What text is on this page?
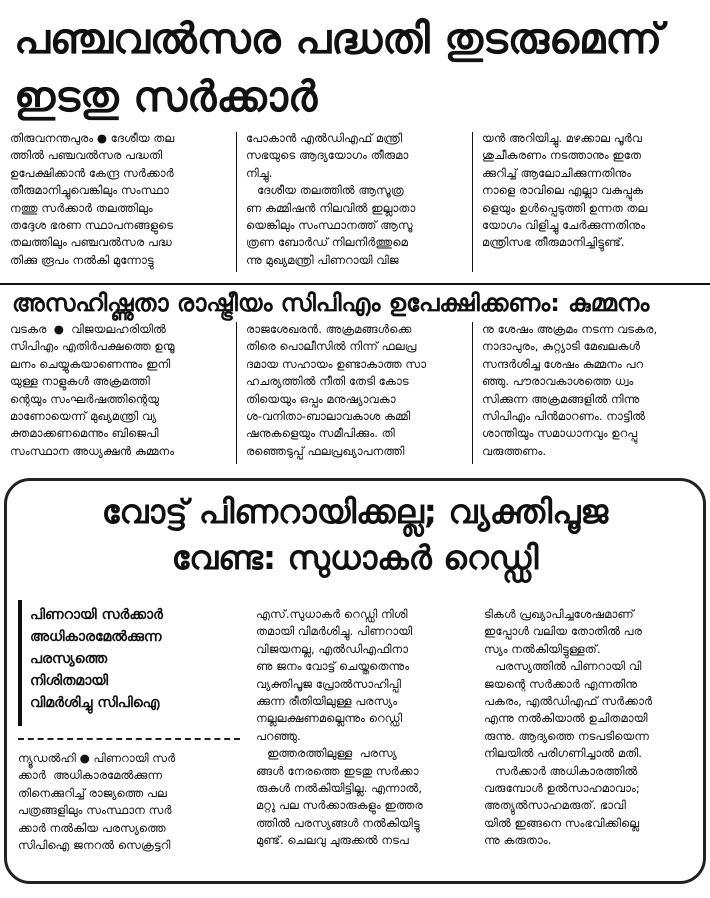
പഞ്ചവൽസര പദ്ധതി തുടരുമെന്ന്
ഇടതു സർക്കാർ
തിരുവനന്തപുരം ● ദേശീയ തല
ത്തിൽ പഞ്ചവൽസര പദ്ധതി
ഉപേക്ഷിക്കാൻ കേന്ദ്ര സർക്കാർ
തീരുമാനിച്ചുവെങ്കിലും സംസ്ഥാ
നത്തു സർക്കാർ തലത്തിലും
തദ്ദേശ ഭരണ സ്ഥാപനങ്ങളുടെ
തലത്തിലും പഞ്ചവൽസര പദ്ധ
തിക്കു രൂപം നൽകി മുന്നോട്ടു
പോകാൻ എൽഡിഎഫ് മന്ത്രി
സഭയുടെ ആദ്യയോഗം തീരുമാ
നിച്ചു.
ദേശീയ തലത്തിൽ ആസൂത്ര
ണ കമ്മിഷൻ നിലവിൽ ഇല്ലാതാ
യെങ്കിലും സംസ്ഥാനത്ത് ആസൂ
ത്രണ ബോർഡ് നിലനിർത്തുമെ
ന്നു മുഖ്യമന്ത്രി പിണറായി വിജ
യൻ അറിയിച്ചു. മഴക്കാല പൂർവ
ശുചീകരണം നടത്താനും ഇതേ
ക്കുറിച്ച് ആലോചിക്കുന്നതിനും
നാളെ രാവിലെ എല്ലാ വകുപ്പുക
ളെയും ഉൾപ്പെടുത്തി ഉന്നത തല
യോഗം വിളിച്ചു ചേർക്കുന്നതിനും
മന്ത്രിസഭ തീരുമാനിച്ചിട്ടുണ്ട്.
അസഹിഷ്ണുതാ രാഷ്ട്രീയം സിപിഎം ഉപേക്ഷിക്കണം: കുമ്മനം
വടകര  ●  വിജയലഹരിയിൽ
സിപിഎം എതിർപക്ഷത്തെ ഉന്മൂ
ലനം ചെയ്യുകയാണെന്നും ഇനി
യുള്ള നാളുകൾ അക്രമത്തി
ന്റെയും സംഘർഷത്തിന്റെയു
മാണോയെന്ന് മുഖ്യമന്ത്രി വ്യ
ക്തമാക്കണമെന്നും ബിജെപി
സംസ്ഥാന അധ്യക്ഷൻ കുമ്മനം
രാജശേഖരൻ. അക്രമങ്ങൾക്കെ
തിരെ പൊലീസിൽ നിന്ന് ഫലപ്ര
ദമായ സഹായം ഉണ്ടാകാത്ത സാ
ഹചര്യത്തിൽ നീതി തേടി കോട
തിയെയും ഒപ്പം മനുഷ്യാവകാ
ശ-വനിതാ-ബാലാവകാശ കമ്മി
ഷനുകളെയും സമീപിക്കും. തി
രഞ്ഞെടുപ്പ് ഫലപ്രഖ്യാപനത്തി
നു ശേഷം അക്രമം നടന്ന വടകര,
നാദാപുരം, കുറ്റ്യാടി മേഖലകൾ
സന്ദർശിച്ച ശേഷം കുമ്മനം പറ
ഞ്ഞു. പൗരാവകാശത്തെ ധ്വം
സിക്കുന്ന അക്രമങ്ങളിൽ നിന്നു
സിപിഎം പിൻമാറണം. നാട്ടിൽ
ശാന്തിയും സമാധാനവും ഉറപ്പു
വരുത്തണം.
വോട്ട് പിണറായിക്കല്ല; വ്യക്തിപൂജ
വേണ്ട: സുധാകർ റെഡ്ഡി
പിണറായി സർക്കാർ
അധികാരമേൽക്കുന്ന
പരസ്യത്തെ
നിശിതമായി
വിമർശിച്ചു സിപിഐ
ന്യൂഡൽഹി ● പിണറായി സർ
ക്കാർ  അധികാരമേൽക്കുന്ന
തിനെക്കുറിച്ച് രാജ്യത്തെ പല
പത്രങ്ങളിലും സംസ്ഥാന സർ
ക്കാർ നൽകിയ പരസ്യത്തെ
സിപിഐ ജനറൽ സെക്രട്ടറി
എസ്.സുധാകർ റെഡ്ഡി നിശി
തമായി വിമർശിച്ചു. പിണറായി
വിജയനല്ല, എൽഡിഎഫിനാ
ണു ജനം വോട്ട് ചെയ്തതെന്നും
വ്യക്തിപൂജ പ്രോൽസാഹിപ്പി
ക്കുന്ന രീതിയിലുള്ള പരസ്യം
നല്ലലക്ഷണമല്ലെന്നും റെഡ്ഡി
പറഞ്ഞു.
ഇത്തരത്തിലുള്ള  പരസ്യ
ങ്ങൾ നേരത്തെ ഇടതു സർക്കാ
രുകൾ നൽകിയിട്ടില്ല. എന്നാൽ,
മറ്റു പല സർക്കാരുകളും ഇത്തര
ത്തിൽ പരസ്യങ്ങൾ നൽകിയിട്ടു
മുണ്ട്. ചെലവു ചുരുക്കൽ നടപ
ടികൾ പ്രഖ്യാപിച്ചശേഷമാണ്
ഇപ്പോൾ വലിയ തോതിൽ പര
സ്യം നൽകിയിട്ടുള്ളത്.
പരസ്യത്തിൽ പിണറായി വി
ജയന്റെ സർക്കാർ എന്നതിനു
പകരം, എൽഡിഎഫ് സർക്കാർ
എന്നു നൽകിയാൽ ഉചിതമായി
രുന്നു. ആദ്യത്തെ നടപടിയെന്ന
നിലയിൽ പരിഗണിച്ചാൽ മതി.
സർക്കാർ അധികാരത്തിൽ
വരുമ്പോൾ ഉൽസാഹമാവാം;
അത്യുൽസാഹമരുത്. ഭാവി
യിൽ ഇങ്ങനെ സംഭവിക്കില്ലെ
ന്നു കരുതാം.
